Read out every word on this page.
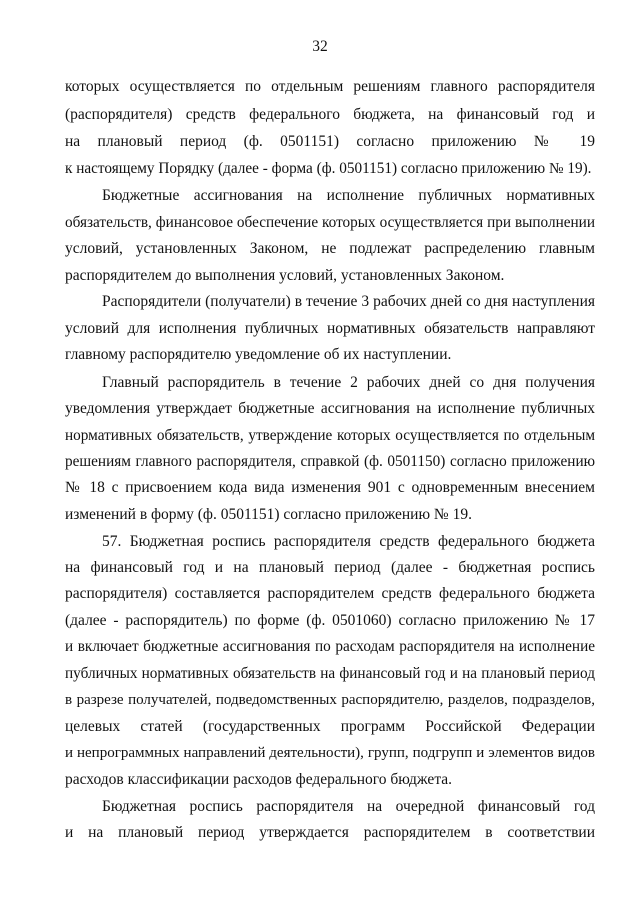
32
которых осуществляется по отдельным решениям главного распорядителя
(распорядителя) средств федерального бюджета, на финансовый год и
на плановый период (ф. 0501151) согласно приложению № 19
к настоящему Порядку (далее - форма (ф. 0501151) согласно приложению № 19).
Бюджетные ассигнования на исполнение публичных нормативных
обязательств, финансовое обеспечение которых осуществляется при выполнении
условий, установленных Законом, не подлежат распределению главным
распорядителем до выполнения условий, установленных Законом.
Распорядители (получатели) в течение 3 рабочих дней со дня наступления
условий для исполнения публичных нормативных обязательств направляют
главному распорядителю уведомление об их наступлении.
Главный распорядитель в течение 2 рабочих дней со дня получения
уведомления утверждает бюджетные ассигнования на исполнение публичных
нормативных обязательств, утверждение которых осуществляется по отдельным
решениям главного распорядителя, справкой (ф. 0501150) согласно приложению
№ 18 с присвоением кода вида изменения 901 с одновременным внесением
изменений в форму (ф. 0501151) согласно приложению № 19.
57. Бюджетная роспись распорядителя средств федерального бюджета
на финансовый год и на плановый период (далее - бюджетная роспись
распорядителя) составляется распорядителем средств федерального бюджета
(далее - распорядитель) по форме (ф. 0501060) согласно приложению № 17
и включает бюджетные ассигнования по расходам распорядителя на исполнение
публичных нормативных обязательств на финансовый год и на плановый период
в разрезе получателей, подведомственных распорядителю, разделов, подразделов,
целевых статей (государственных программ Российской Федерации
и непрограммных направлений деятельности), групп, подгрупп и элементов видов
расходов классификации расходов федерального бюджета.
Бюджетная роспись распорядителя на очередной финансовый год
и на плановый период утверждается распорядителем в соответствии
